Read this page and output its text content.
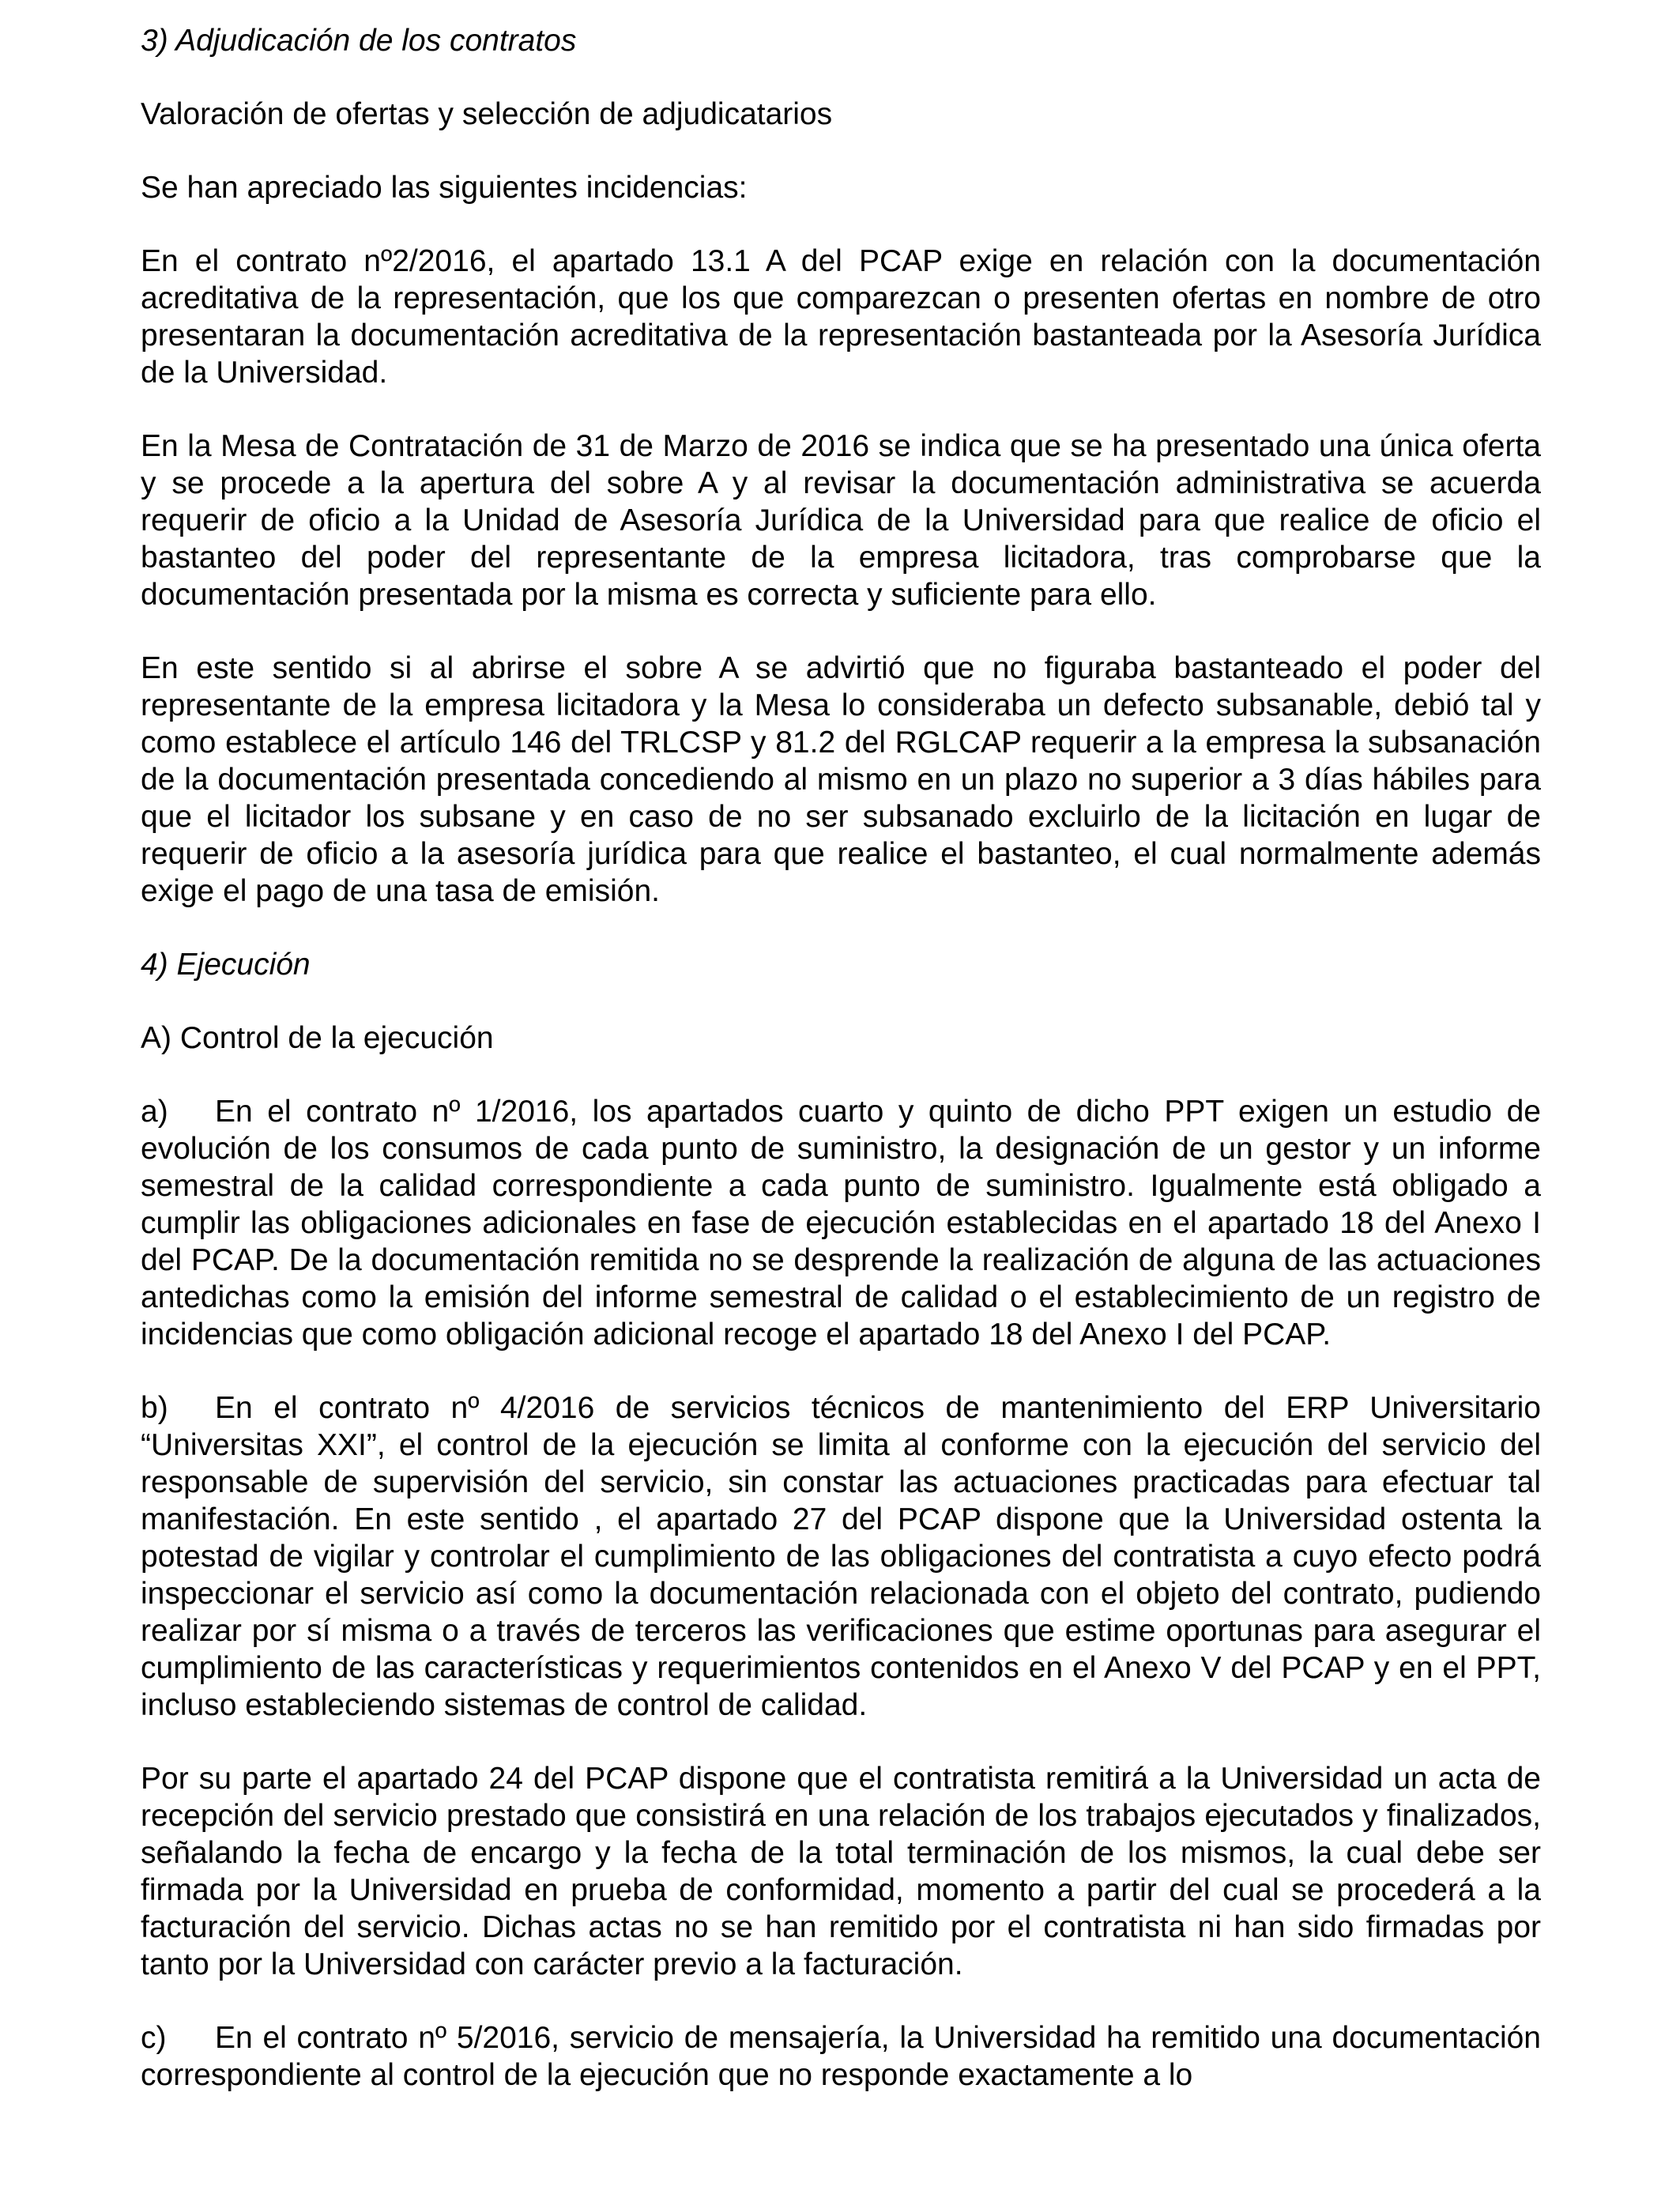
3) Adjudicación de los contratos

Valoración de ofertas y selección de adjudicatarios

Se han apreciado las siguientes incidencias:

En el contrato nº2/2016, el apartado 13.1 A del PCAP exige en relación con la documentación acreditativa de la representación, que los que comparezcan o presenten ofertas en nombre de otro presentaran la documentación acreditativa de la representación bastanteada por la Asesoría Jurídica de la Universidad.

En la Mesa de Contratación de 31 de Marzo de 2016 se indica que se ha presentado una única oferta y se procede a la apertura del sobre A y al revisar la documentación administrativa se acuerda requerir de oficio a la Unidad de Asesoría Jurídica de la Universidad para que realice de oficio el bastanteo del poder del representante de la empresa licitadora, tras comprobarse que la documentación presentada por la misma es correcta y suficiente para ello.

En este sentido si al abrirse el sobre A se advirtió que no figuraba bastanteado el poder del representante de la empresa licitadora y la Mesa lo consideraba un defecto subsanable, debió tal y como establece el artículo 146 del TRLCSP y 81.2 del RGLCAP requerir a la empresa la subsanación de la documentación presentada concediendo al mismo en un plazo no superior a 3 días hábiles para que el licitador los subsane y en caso de no ser subsanado excluirlo de la licitación en lugar de requerir de oficio a la asesoría jurídica para que realice el bastanteo, el cual normalmente además exige el pago de una tasa de emisión.

4) Ejecución

A) Control de la ejecución

a) En el contrato nº 1/2016, los apartados cuarto y quinto de dicho PPT exigen un estudio de evolución de los consumos de cada punto de suministro, la designación de un gestor y un informe semestral de la calidad correspondiente a cada punto de suministro. Igualmente está obligado a cumplir las obligaciones adicionales en fase de ejecución establecidas en el apartado 18 del Anexo I del PCAP. De la documentación remitida no se desprende la realización de alguna de las actuaciones antedichas como la emisión del informe semestral de calidad o el establecimiento de un registro de incidencias que como obligación adicional recoge el apartado 18 del Anexo I del PCAP.

b) En el contrato nº 4/2016 de servicios técnicos de mantenimiento del ERP Universitario “Universitas XXI”, el control de la ejecución se limita al conforme con la ejecución del servicio del responsable de supervisión del servicio, sin constar las actuaciones practicadas para efectuar tal manifestación. En este sentido , el apartado 27 del PCAP dispone que la Universidad ostenta la potestad de vigilar y controlar el cumplimiento de las obligaciones del contratista a cuyo efecto podrá inspeccionar el servicio así como la documentación relacionada con el objeto del contrato, pudiendo realizar por sí misma o a través de terceros las verificaciones que estime oportunas para asegurar el cumplimiento de las características y requerimientos contenidos en el Anexo V del PCAP y en el PPT, incluso estableciendo sistemas de control de calidad.

Por su parte el apartado 24 del PCAP dispone que el contratista remitirá a la Universidad un acta de recepción del servicio prestado que consistirá en una relación de los trabajos ejecutados y finalizados, señalando la fecha de encargo y la fecha de la total terminación de los mismos, la cual debe ser firmada por la Universidad en prueba de conformidad, momento a partir del cual se procederá a la facturación del servicio. Dichas actas no se han remitido por el contratista ni han sido firmadas por tanto por la Universidad con carácter previo a la facturación.

c) En el contrato nº 5/2016, servicio de mensajería, la Universidad ha remitido una documentación correspondiente al control de la ejecución que no responde exactamente a lo
